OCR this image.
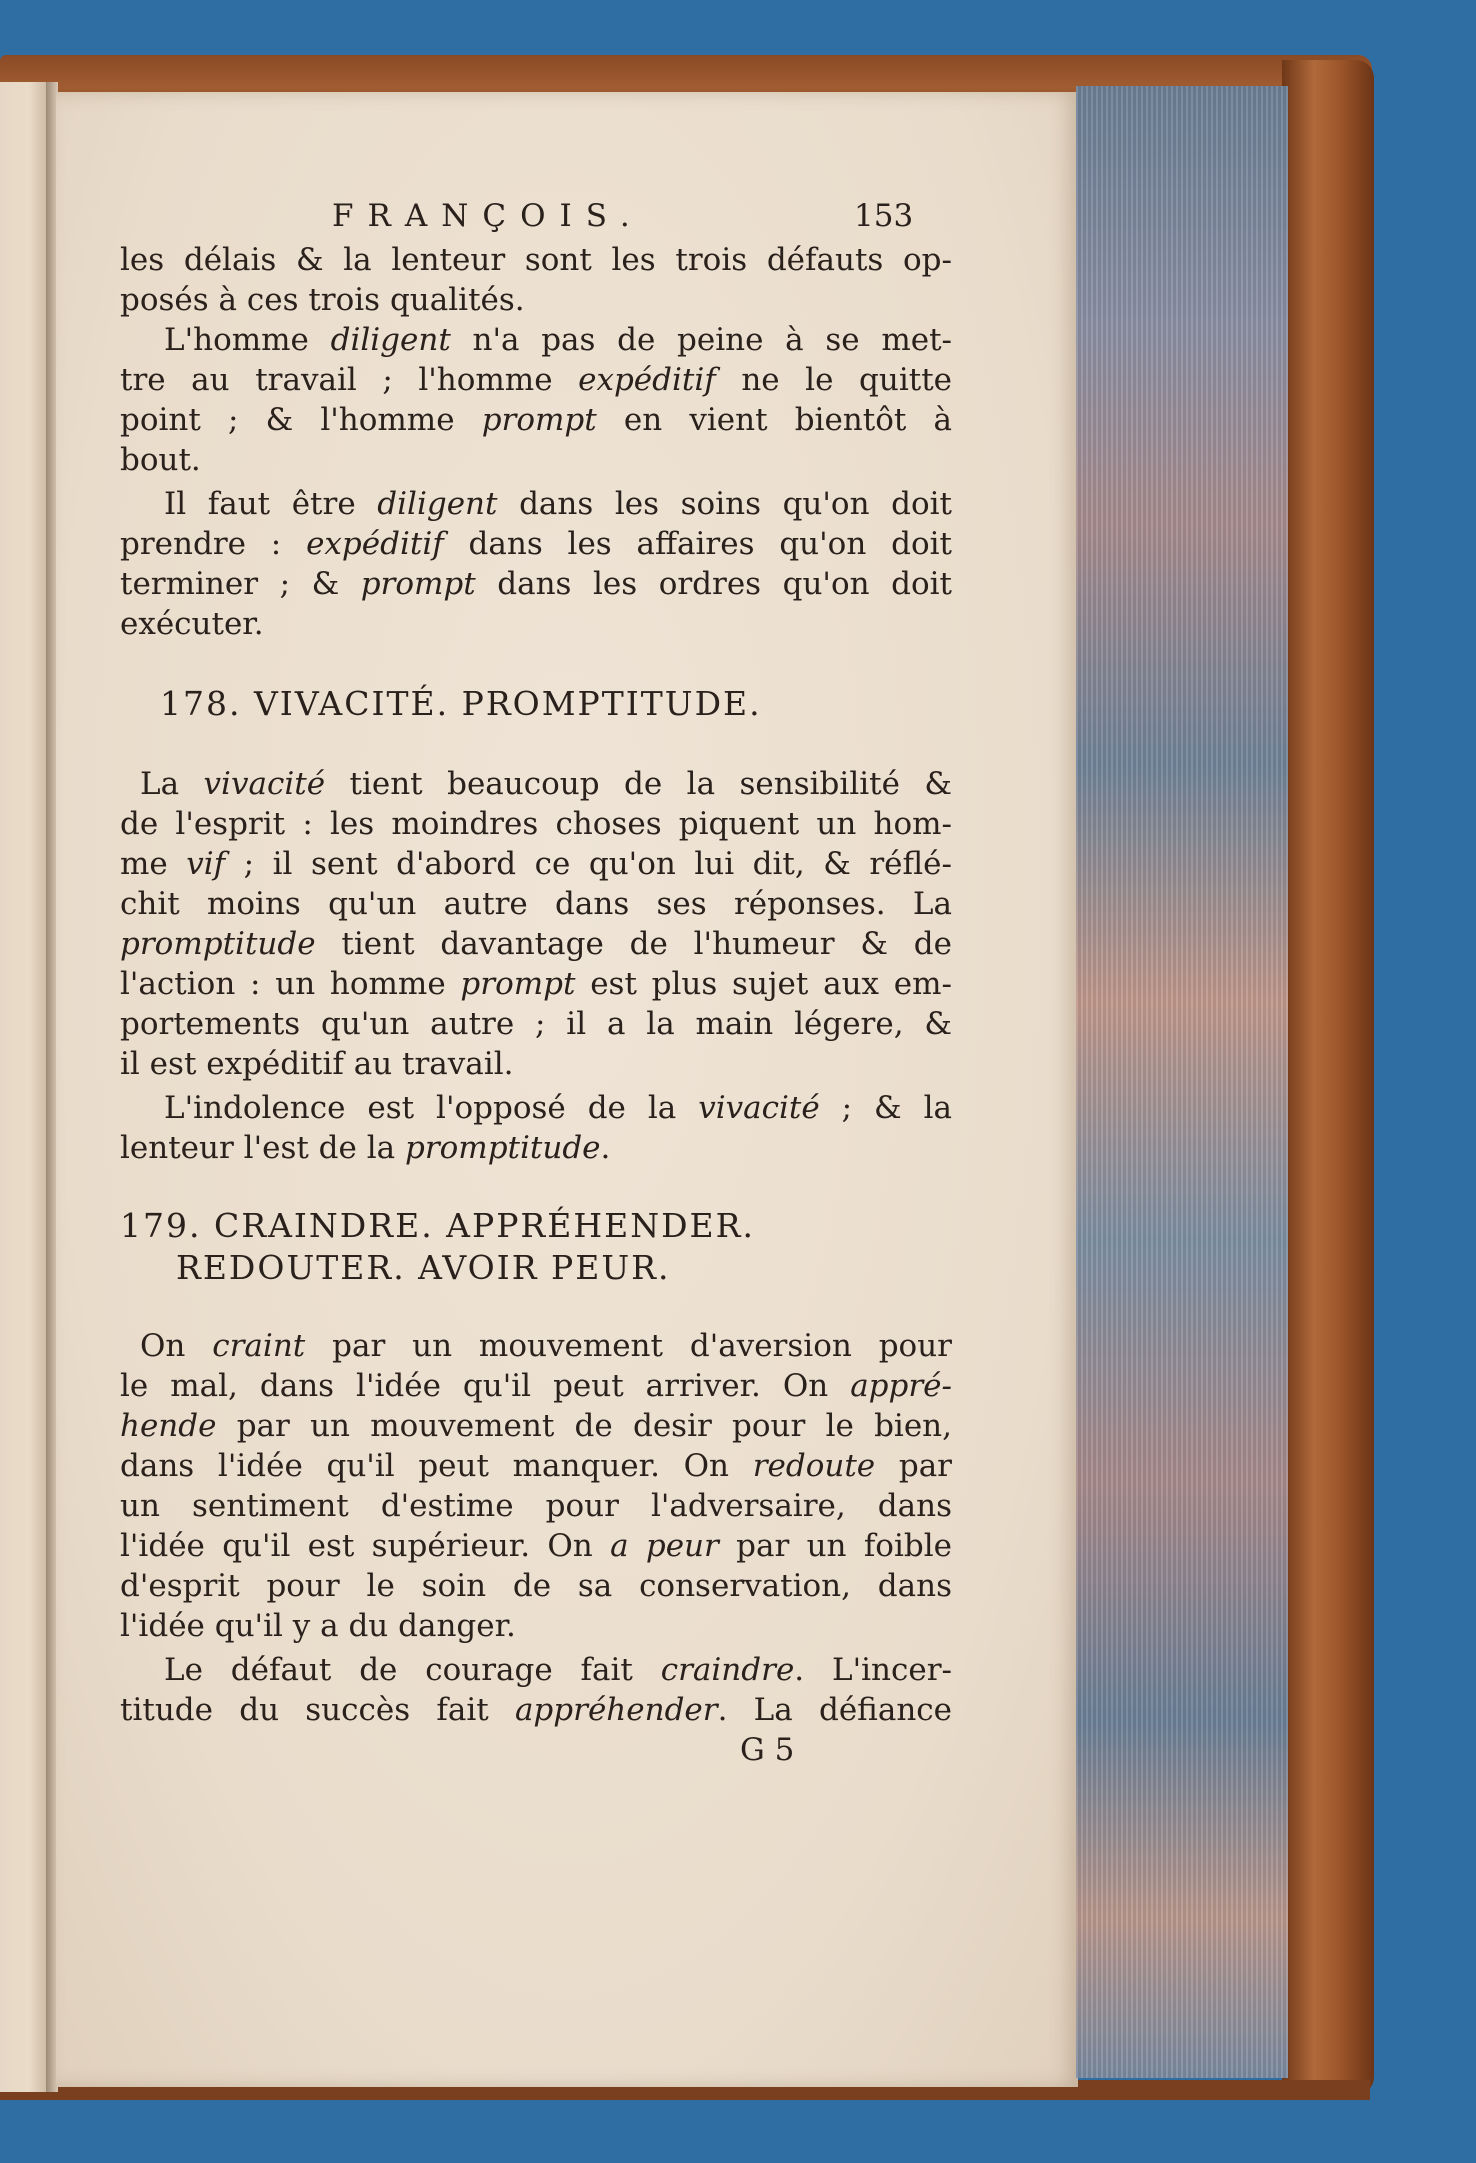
FRANÇOIS.	153

les délais & la lenteur sont les trois défauts op-

posés à ces trois qualités.

L'homme diligent n'a pas de peine à se met-

tre au travail ; l'homme expéditif ne le quitte

point ; & l'homme prompt en vient bientôt à

bout.

Il faut être diligent dans les soins qu'on doit

prendre : expéditif dans les affaires qu'on doit

terminer ; & prompt dans les ordres qu'on doit

exécuter.

178. VIVACITÉ. PROMPTITUDE.

La vivacité tient beaucoup de la sensibilité &

de l'esprit : les moindres choses piquent un hom-

me vif ; il sent d'abord ce qu'on lui dit, & réflé-

chit moins qu'un autre dans ses réponses. La

promptitude tient davantage de l'humeur & de

l'action : un homme prompt est plus sujet aux em-

portements qu'un autre ; il a la main légere, &

il est expéditif au travail.

L'indolence est l'opposé de la vivacité ; & la

lenteur l'est de la promptitude.

179. CRAINDRE. APPRÉHENDER.
REDOUTER. AVOIR PEUR.

On craint par un mouvement d'aversion pour

le mal, dans l'idée qu'il peut arriver. On appré-

hende par un mouvement de desir pour le bien,

dans l'idée qu'il peut manquer. On redoute par

un sentiment d'estime pour l'adversaire, dans

l'idée qu'il est supérieur. On a peur par un foible

d'esprit pour le soin de sa conservation, dans

l'idée qu'il y a du danger.

Le défaut de courage fait craindre. L'incer-

titude du succès fait appréhender. La défiance

G 5
